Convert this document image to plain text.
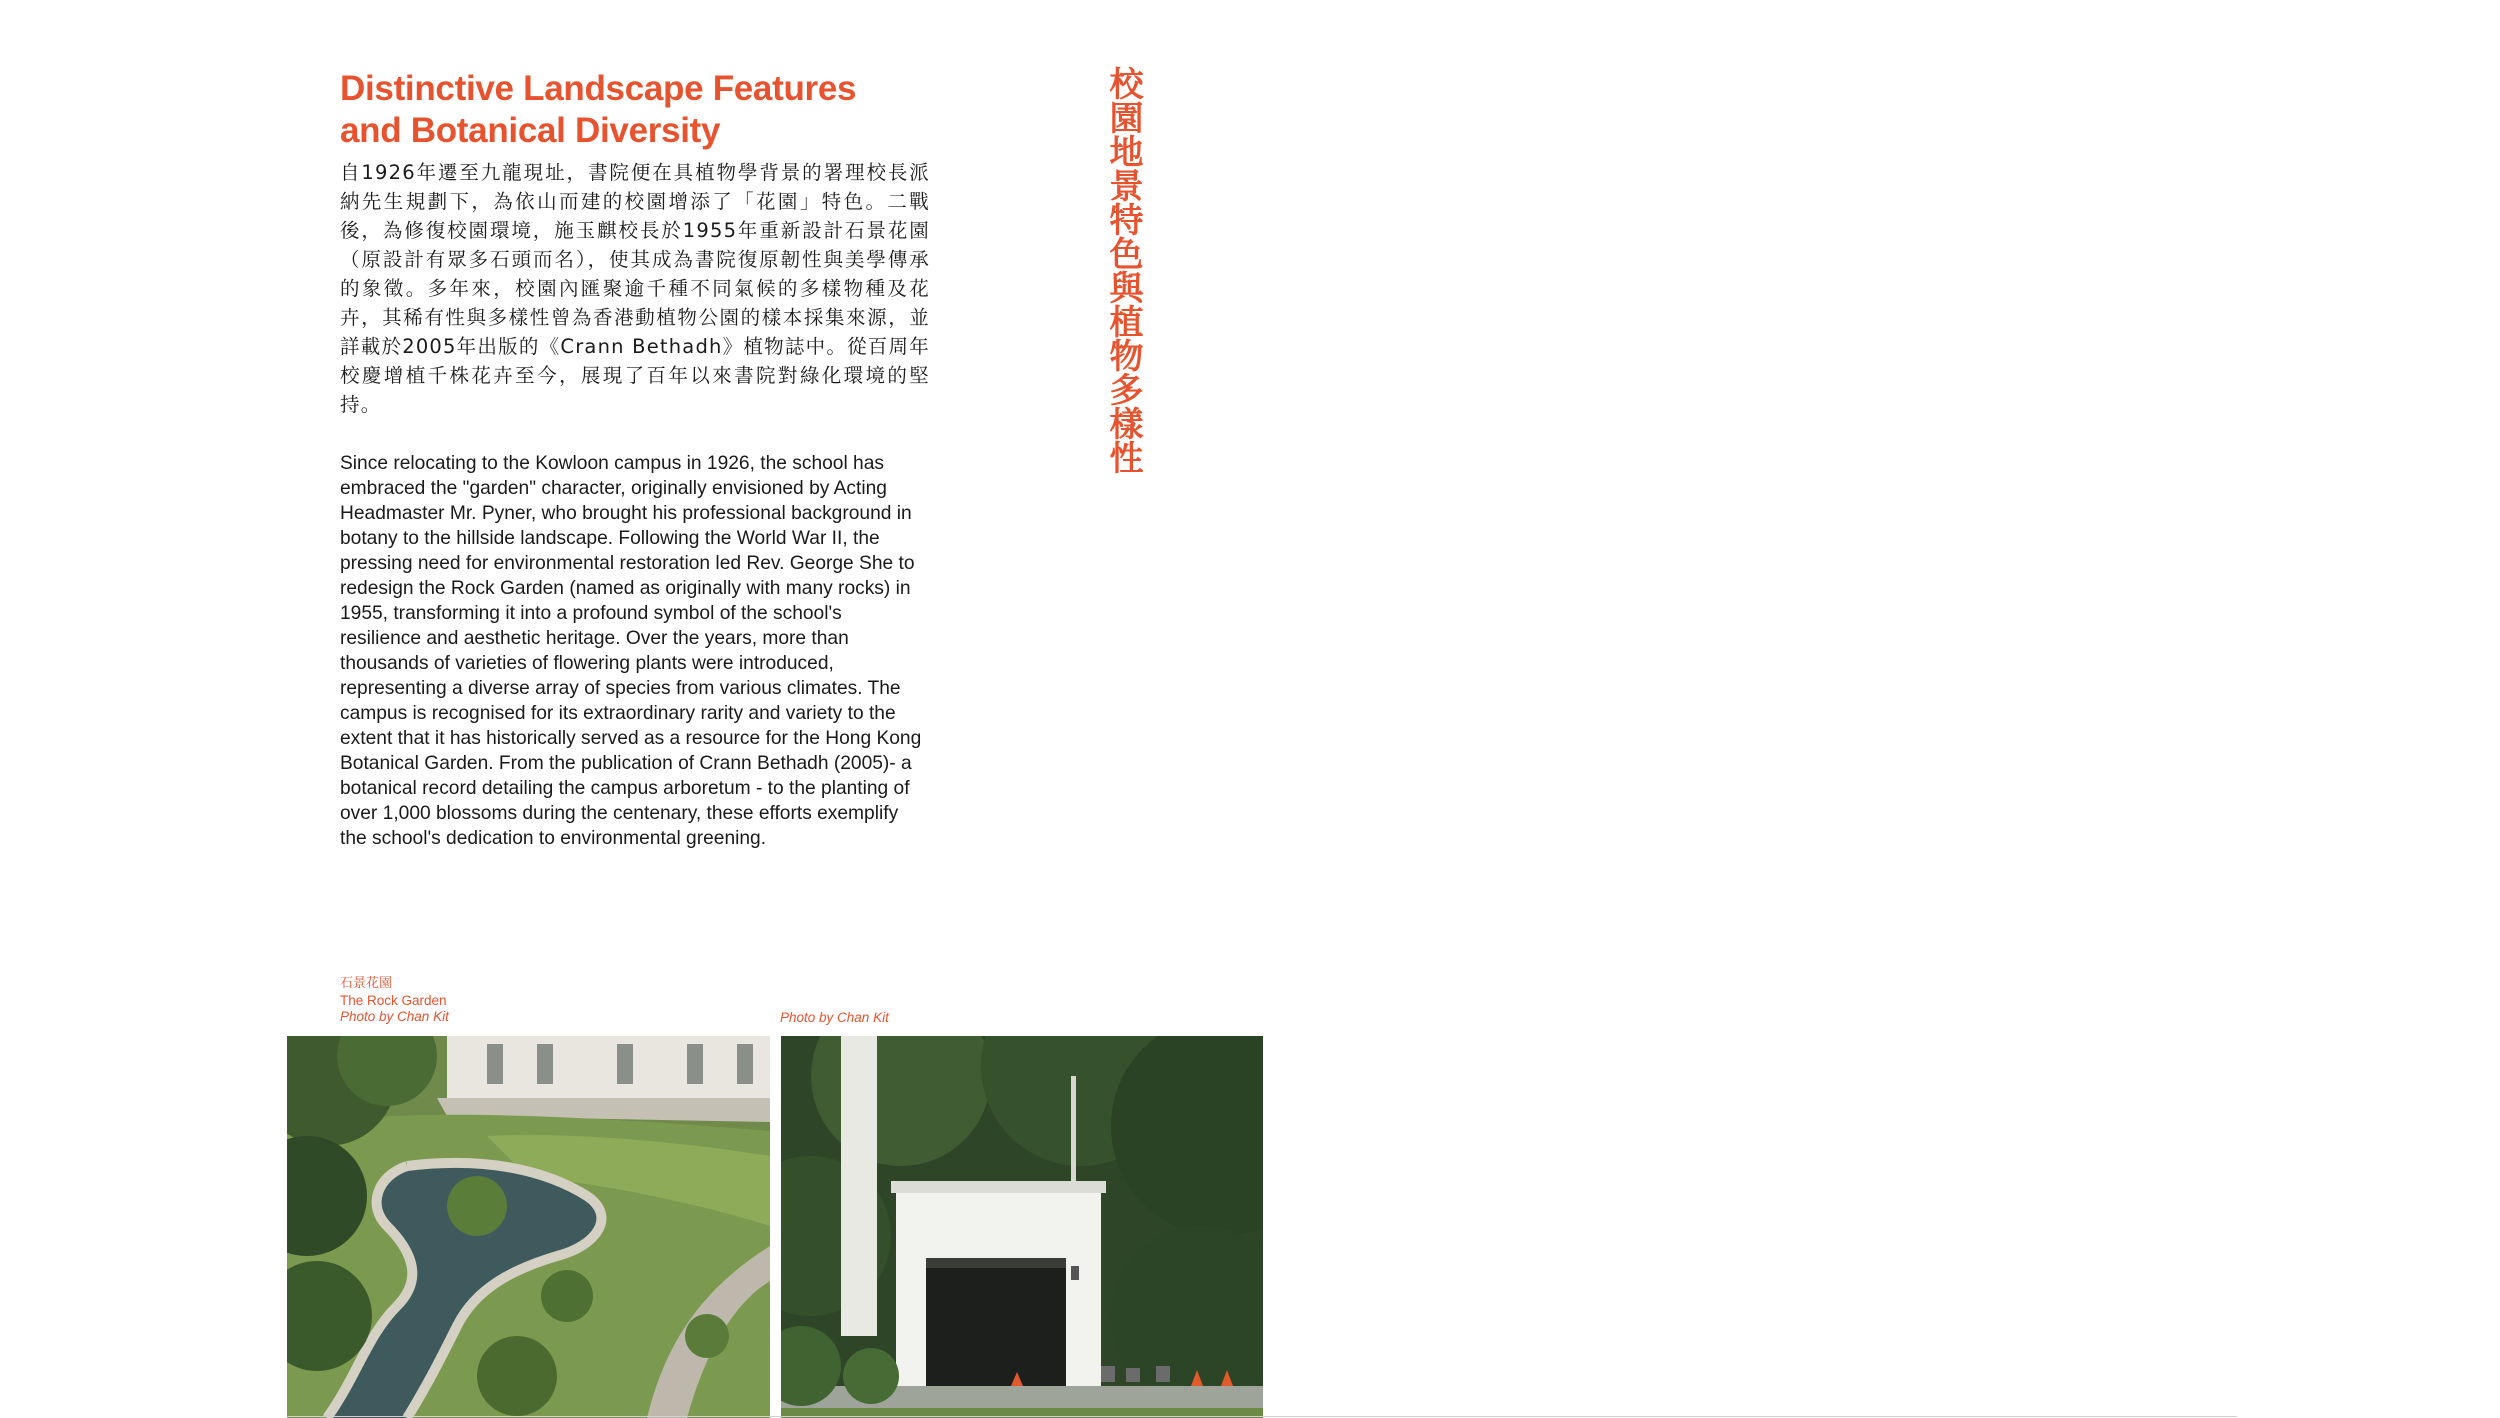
Distinctive Landscape Features
and Botanical Diversity

自1926年遷至九龍現址，書院便在具植物學背景的署理校長派納先生規劃下，為依山而建的校園增添了「花園」特色。二戰後，為修復校園環境，施玉麒校長於1955年重新設計石景花園（原設計有眾多石頭而名），使其成為書院復原韌性與美學傳承的象徵。多年來，校園內匯聚逾千種不同氣候的多樣物種及花卉，其稀有性與多樣性曾為香港動植物公園的樣本採集來源，並詳載於2005年出版的《Crann Bethadh》植物誌中。從百周年校慶增植千株花卉至今，展現了百年以來書院對綠化環境的堅持。

Since relocating to the Kowloon campus in 1926, the school has embraced the "garden" character, originally envisioned by Acting Headmaster Mr. Pyner, who brought his professional background in botany to the hillside landscape. Following the World War II, the pressing need for environmental restoration led Rev. George She to redesign the Rock Garden (named as originally with many rocks) in 1955, transforming it into a profound symbol of the school's resilience and aesthetic heritage. Over the years, more than thousands of varieties of flowering plants were introduced, representing a diverse array of species from various climates. The campus is recognised for its extraordinary rarity and variety to the extent that it has historically served as a resource for the Hong Kong Botanical Garden. From the publication of Crann Bethadh (2005)- a botanical record detailing the campus arboretum - to the planting of over 1,000 blossoms during the centenary, these efforts exemplify the school's dedication to environmental greening.

校園地景特色與植物多樣性
石景花園
The Rock Garden
Photo by Chan Kit	Photo by Chan Kit
